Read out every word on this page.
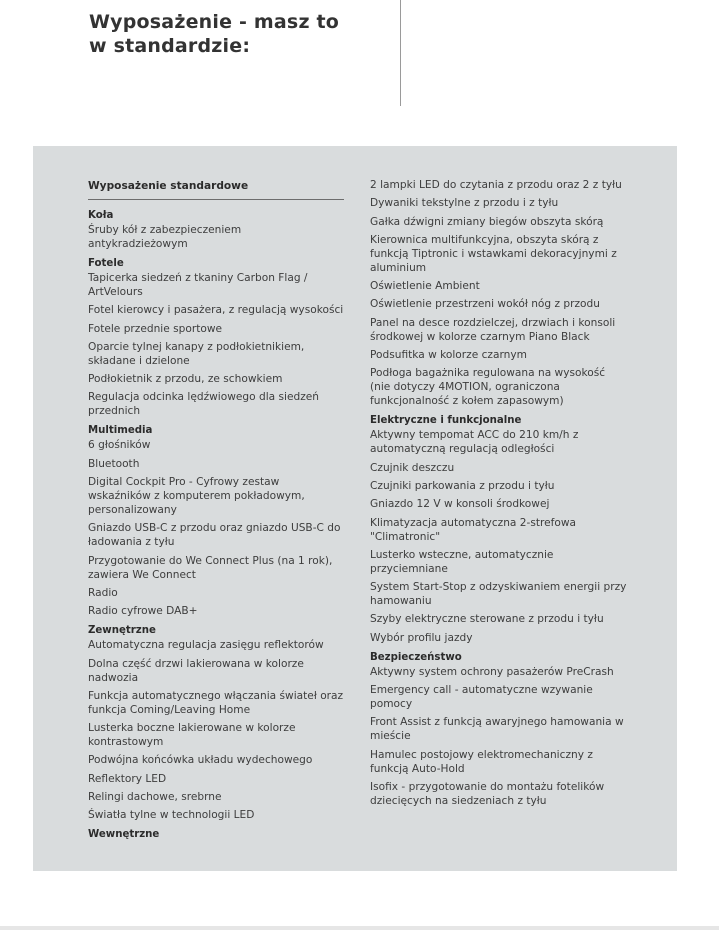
Wyposażenie - masz to
w standardzie:
Wyposażenie standardowe
Koła
Śruby kół z zabezpieczeniem antykradzieżowym
Fotele
Tapicerka siedzeń z tkaniny Carbon Flag / ArtVelours
Fotel kierowcy i pasażera, z regulacją wysokości
Fotele przednie sportowe
Oparcie tylnej kanapy z podłokietnikiem, składane i dzielone
Podłokietnik z przodu, ze schowkiem
Regulacja odcinka lędźwiowego dla siedzeń przednich
Multimedia
6 głośników
Bluetooth
Digital Cockpit Pro - Cyfrowy zestaw wskaźników z komputerem pokładowym, personalizowany
Gniazdo USB-C z przodu oraz gniazdo USB-C do ładowania z tyłu
Przygotowanie do We Connect Plus (na 1 rok), zawiera We Connect
Radio
Radio cyfrowe DAB+
Zewnętrzne
Automatyczna regulacja zasięgu reflektorów
Dolna część drzwi lakierowana w kolorze nadwozia
Funkcja automatycznego włączania świateł oraz funkcja Coming/Leaving Home
Lusterka boczne lakierowane w kolorze kontrastowym
Podwójna końcówka układu wydechowego
Reflektory LED
Relingi dachowe, srebrne
Światła tylne w technologii LED
Wewnętrzne
2 lampki LED do czytania z przodu oraz 2 z tyłu
Dywaniki tekstylne z przodu i z tyłu
Gałka dźwigni zmiany biegów obszyta skórą
Kierownica multifunkcyjna, obszyta skórą z funkcją Tiptronic i wstawkami dekoracyjnymi z aluminium
Oświetlenie Ambient
Oświetlenie przestrzeni wokół nóg z przodu
Panel na desce rozdzielczej, drzwiach i konsoli środkowej w kolorze czarnym Piano Black
Podsufitka w kolorze czarnym
Podłoga bagażnika regulowana na wysokość (nie dotyczy 4MOTION, ograniczona funkcjonalność z kołem zapasowym)
Elektryczne i funkcjonalne
Aktywny tempomat ACC do 210 km/h z automatyczną regulacją odległości
Czujnik deszczu
Czujniki parkowania z przodu i tyłu
Gniazdo 12 V w konsoli środkowej
Klimatyzacja automatyczna 2-strefowa "Climatronic"
Lusterko wsteczne, automatycznie przyciemniane
System Start-Stop z odzyskiwaniem energii przy hamowaniu
Szyby elektryczne sterowane z przodu i tyłu
Wybór profilu jazdy
Bezpieczeństwo
Aktywny system ochrony pasażerów PreCrash
Emergency call - automatyczne wzywanie pomocy
Front Assist z funkcją awaryjnego hamowania w mieście
Hamulec postojowy elektromechaniczny z funkcją Auto-Hold
Isofix - przygotowanie do montażu fotelików dziecięcych na siedzeniach z tyłu
